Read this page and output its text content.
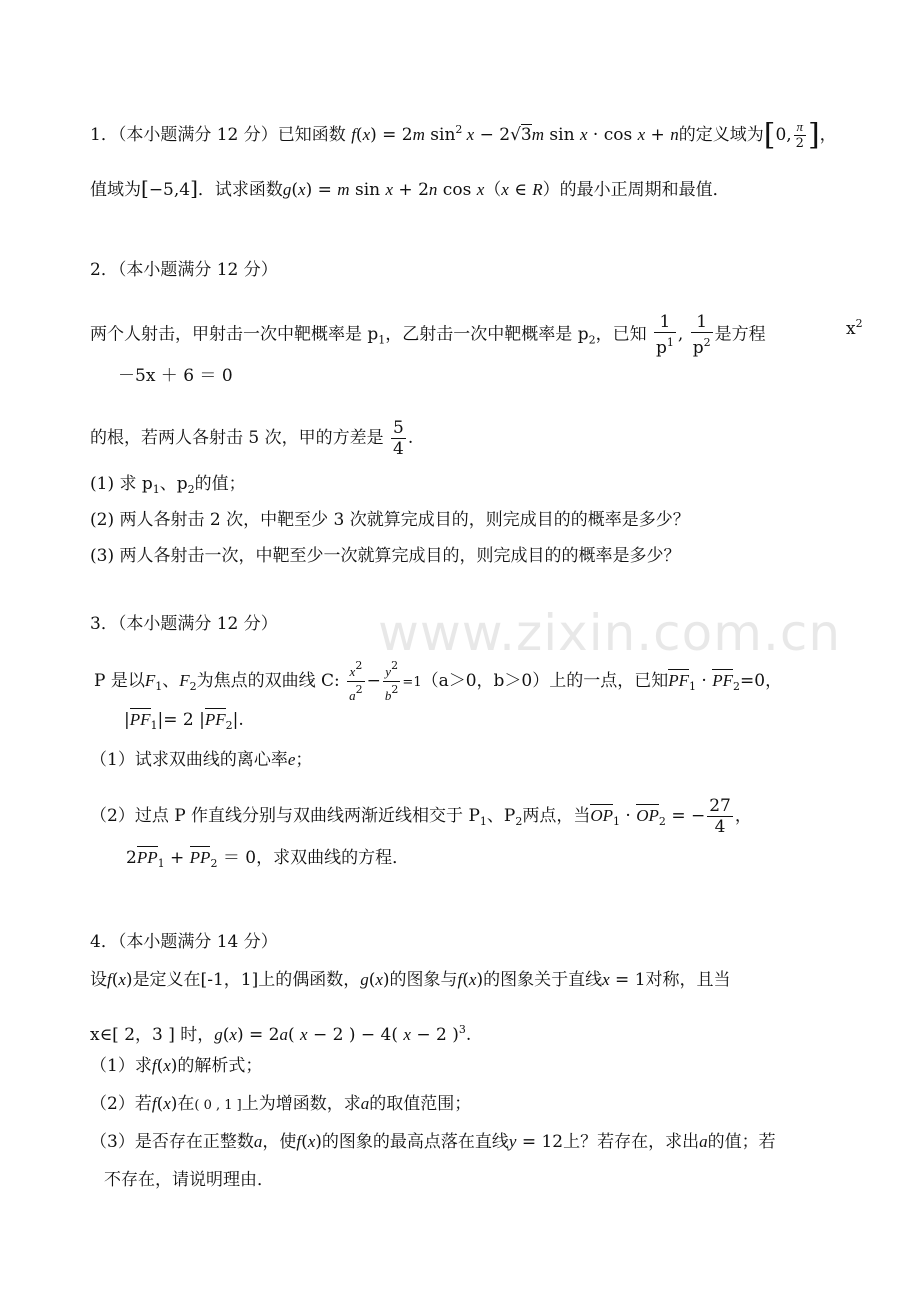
www.zixin.com.cn
1．（本小题满分 12 分）已知函数 f(x) = 2m $\sin^2 x - 2√3m$ sin x · cos x + n的定义域为[0, $\frac{\pi}{2}$ ]，
值域为[−5,4]．试求函数g(x) = m sin x + 2n cos x（x ∈ R）的最小正周期和最值．
2．（本小题满分 12 分）
两个人射击，甲射击一次中靶概率是 $p_1$，乙射击一次中靶概率是 $p_2$，已知 $\frac{1}{p^1}$ , $\frac{1}{p^2}$ 是方程	$x^2$
－5x ＋ 6 ＝ 0
的根，若两人各射击 5 次，甲的方差是 $\frac{5}{4}$ .
(1) 求 $p_1$、$p_2$的值；
(2) 两人各射击 2 次，中靶至少 3 次就算完成目的，则完成目的的概率是多少？
(3) 两人各射击一次，中靶至少一次就算完成目的，则完成目的的概率是多少？
3．（本小题满分 12 分）
P 是以$F_1$、$F_2$为焦点的双曲线 C: $\frac{x^2}{a^2} - \frac{y^2}{b^2} =1(a>0$，b＞0）上的一点，已知$PF_1 \cdot PF_2=0$，
$|PF_1|= 2$ $|PF_2|$.
（1）试求双曲线的离心率e；
（2）过点 P 作直线分别与双曲线两渐近线相交于 $P_1$、$P_2$两点，当$OP_1 \cdot OP_2$ = − $\frac{27}{4}$ ，
$2PP_1 + PP_2 = 0$，求双曲线的方程．
4．（本小题满分 14 分）
设f(x)是定义在[-1，1]上的偶函数，g(x)的图象与f(x)的图象关于直线x = 1对称，且当
x∈[ 2，3 ] 时，g(x) = 2a( x − 2 ) − 4( x − 2 )$^3$.
（1）求f(x)的解析式；
（2）若f(x)在( 0 , 1 ]上为增函数，求a的取值范围；
（3）是否存在正整数a，使f(x)的图象的最高点落在直线y = 12上？若存在，求出a的值；若
不存在，请说明理由．
